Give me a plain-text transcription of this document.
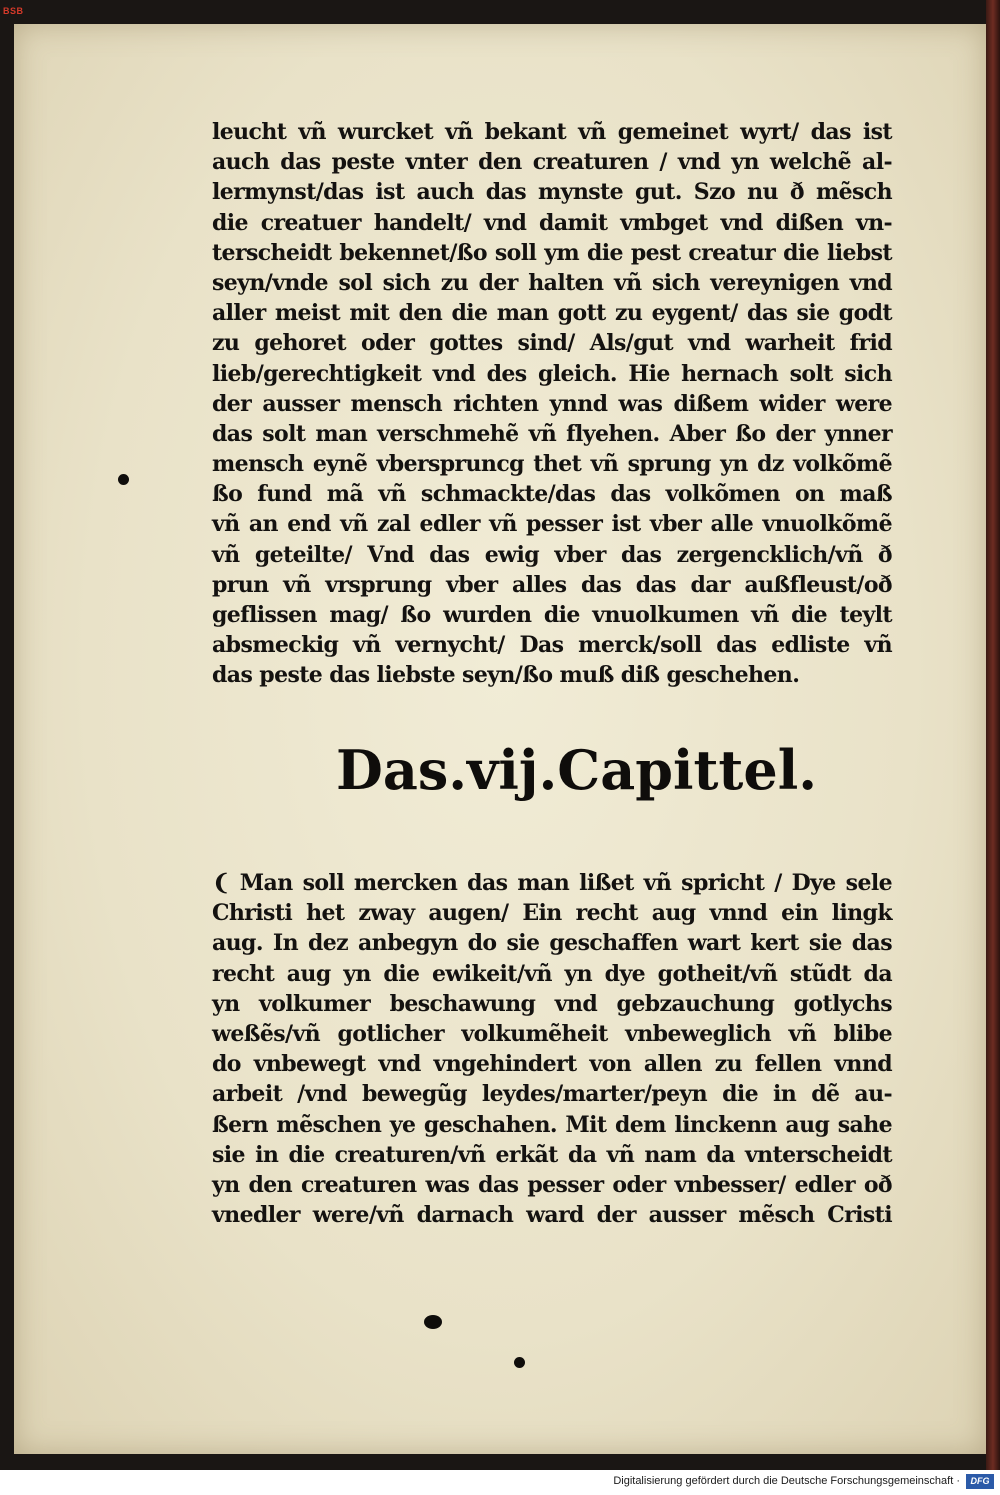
BSB
leucht vñ wurcket vñ bekant vñ gemeinet wyrt/ das ist
auch das peste vnter den creaturen / vnd yn welchẽ al-
lermynst/das ist auch das mynste gut. Szo nu ð mẽsch
die creatuer handelt/ vnd damit vmbget vnd dißen vn-
terscheidt bekennet/ßo soll ym die pest creatur die liebst
seyn/vnde sol sich zu der halten vñ sich vereynigen vnd
aller meist mit den die man gott zu eygent/ das sie godt
zu gehoret oder gottes sind/ Als/gut vnd warheit frid
lieb/gerechtigkeit vnd des gleich. Hie hernach solt sich
der ausser mensch richten ynnd was dißem wider were
das solt man verschmehẽ vñ flyehen. Aber ßo der ynner
mensch eynẽ vberspruncg thet vñ sprung yn dz volkõmẽ
ßo fund mã vñ schmackte/das das volkõmen on maß
vñ an end vñ zal edler vñ pesser ist vber alle vnuolkõmẽ
vñ geteilte/ Vnd das ewig vber das zergencklich/vñ ð
prun vñ vrsprung vber alles das das dar außfleust/oð
geflissen mag/ ßo wurden die vnuolkumen vñ die teylt
absmeckig vñ vernycht/ Das merck/soll das edliste vñ
das peste das liebste seyn/ßo muß diß geschehen.
Das.vij.Capittel.
❨ Man soll mercken das man lißet vñ spricht / Dye sele
Christi het zway augen/ Ein recht aug vnnd ein lingk
aug. In dez anbegyn do sie geschaffen wart kert sie das
recht aug yn die ewikeit/vñ yn dye gotheit/vñ stũdt da
yn volkumer beschawung vnd gebzauchung gotlychs
weßẽs/vñ gotlicher volkumẽheit vnbeweglich vñ blibe
do vnbewegt vnd vngehindert von allen zu fellen vnnd
arbeit /vnd bewegũg leydes/marter/peyn die in dẽ au-
ßern mẽschen ye geschahen. Mit dem linckenn aug sahe
sie in die creaturen/vñ erkãt da vñ nam da vnterscheidt
yn den creaturen was das pesser oder vnbesser/ edler oð
vnedler were/vñ darnach ward der ausser mẽsch Cristi
Digitalisierung gefördert durch die Deutsche Forschungsgemeinschaft ·	DFG
